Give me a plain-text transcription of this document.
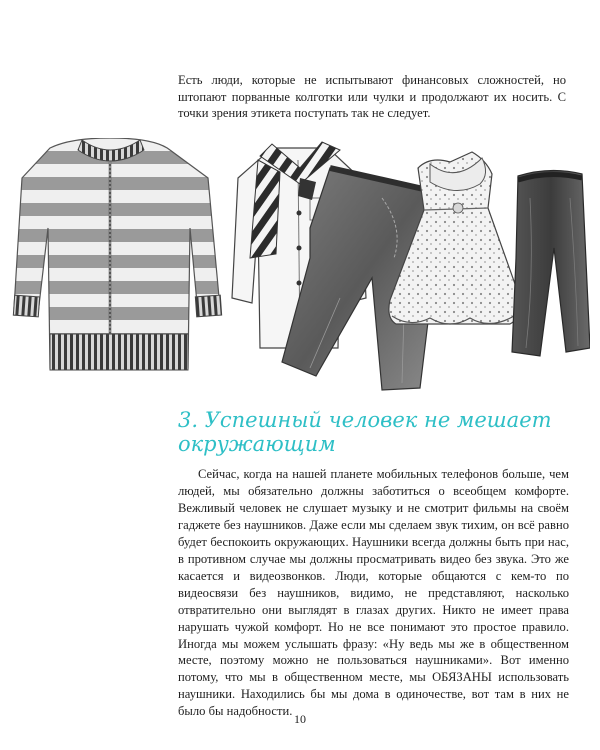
Есть люди, которые не испытывают финансовых сложностей, но штопают порванные колготки или чулки и продолжают их носить. С точки зрения этикета поступать так не следует.

3. Успешный человек не мешает окружающим

Сейчас, когда на нашей планете мобильных телефонов больше, чем людей, мы обязательно должны заботиться о всеобщем комфорте. Вежливый человек не слушает музыку и не смотрит фильмы на своём гаджете без наушников. Даже если мы сделаем звук тихим, он всё равно будет беспокоить окружающих. Наушники всегда должны быть при нас, в противном случае мы должны просматривать видео без звука. Это же касается и видеозвонков. Люди, которые общаются с кем-то по видеосвязи без наушников, видимо, не представляют, насколько отвратительно они выглядят в глазах других. Никто не имеет права нарушать чужой комфорт. Но не все понимают это простое правило. Иногда мы можем услышать фразу: «Ну ведь мы же в общественном месте, поэтому можно не пользоваться наушниками». Вот именно потому, что мы в общественном месте, мы ОБЯЗАНЫ использовать наушники. Находились бы мы дома в одиночестве, вот там в них не было бы надобности.

10
